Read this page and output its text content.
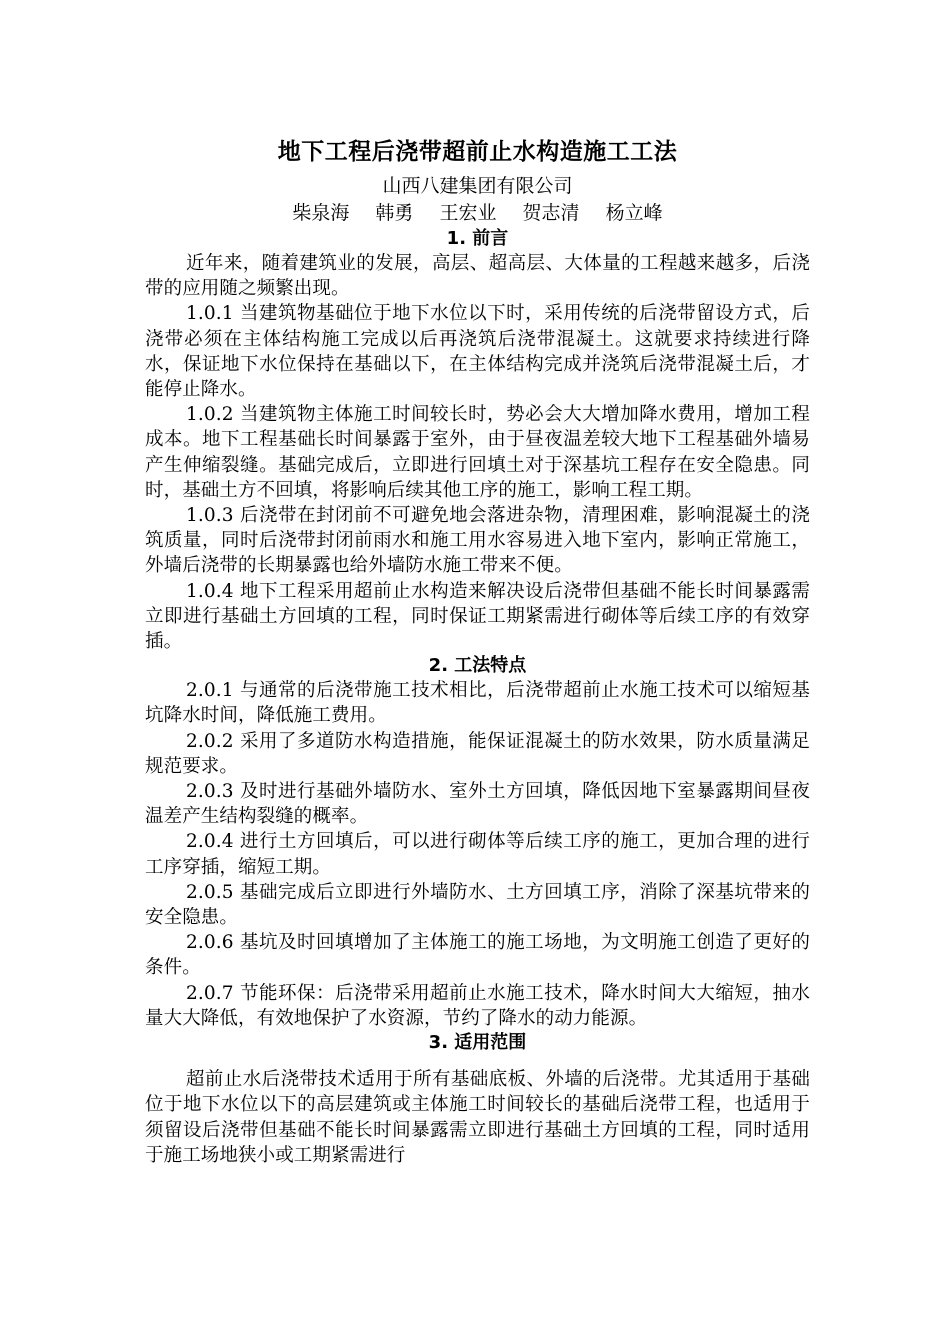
地下工程后浇带超前止水构造施工工法
山西八建集团有限公司
柴泉海 韩勇 王宏业 贺志清 杨立峰
1. 前言

近年来，随着建筑业的发展，高层、超高层、大体量的工程越来越多，后浇带的应用随之频繁出现。

1.0.1 当建筑物基础位于地下水位以下时，采用传统的后浇带留设方式，后浇带必须在主体结构施工完成以后再浇筑后浇带混凝土。这就要求持续进行降水，保证地下水位保持在基础以下，在主体结构完成并浇筑后浇带混凝土后，才能停止降水。

1.0.2 当建筑物主体施工时间较长时，势必会大大增加降水费用，增加工程成本。地下工程基础长时间暴露于室外，由于昼夜温差较大地下工程基础外墙易产生伸缩裂缝。基础完成后，立即进行回填土对于深基坑工程存在安全隐患。同时，基础土方不回填，将影响后续其他工序的施工，影响工程工期。

1.0.3 后浇带在封闭前不可避免地会落进杂物，清理困难，影响混凝土的浇筑质量，同时后浇带封闭前雨水和施工用水容易进入地下室内，影响正常施工，外墙后浇带的长期暴露也给外墙防水施工带来不便。

1.0.4 地下工程采用超前止水构造来解决设后浇带但基础不能长时间暴露需立即进行基础土方回填的工程，同时保证工期紧需进行砌体等后续工序的有效穿插。

2. 工法特点

2.0.1 与通常的后浇带施工技术相比，后浇带超前止水施工技术可以缩短基坑降水时间，降低施工费用。

2.0.2 采用了多道防水构造措施，能保证混凝土的防水效果，防水质量满足规范要求。

2.0.3 及时进行基础外墙防水、室外土方回填，降低因地下室暴露期间昼夜温差产生结构裂缝的概率。

2.0.4 进行土方回填后，可以进行砌体等后续工序的施工，更加合理的进行工序穿插，缩短工期。

2.0.5 基础完成后立即进行外墙防水、土方回填工序，消除了深基坑带来的安全隐患。

2.0.6 基坑及时回填增加了主体施工的施工场地，为文明施工创造了更好的条件。

2.0.7 节能环保：后浇带采用超前止水施工技术，降水时间大大缩短，抽水量大大降低，有效地保护了水资源，节约了降水的动力能源。

3. 适用范围

超前止水后浇带技术适用于所有基础底板、外墙的后浇带。尤其适用于基础位于地下水位以下的高层建筑或主体施工时间较长的基础后浇带工程，也适用于须留设后浇带但基础不能长时间暴露需立即进行基础土方回填的工程，同时适用于施工场地狭小或工期紧需进行
